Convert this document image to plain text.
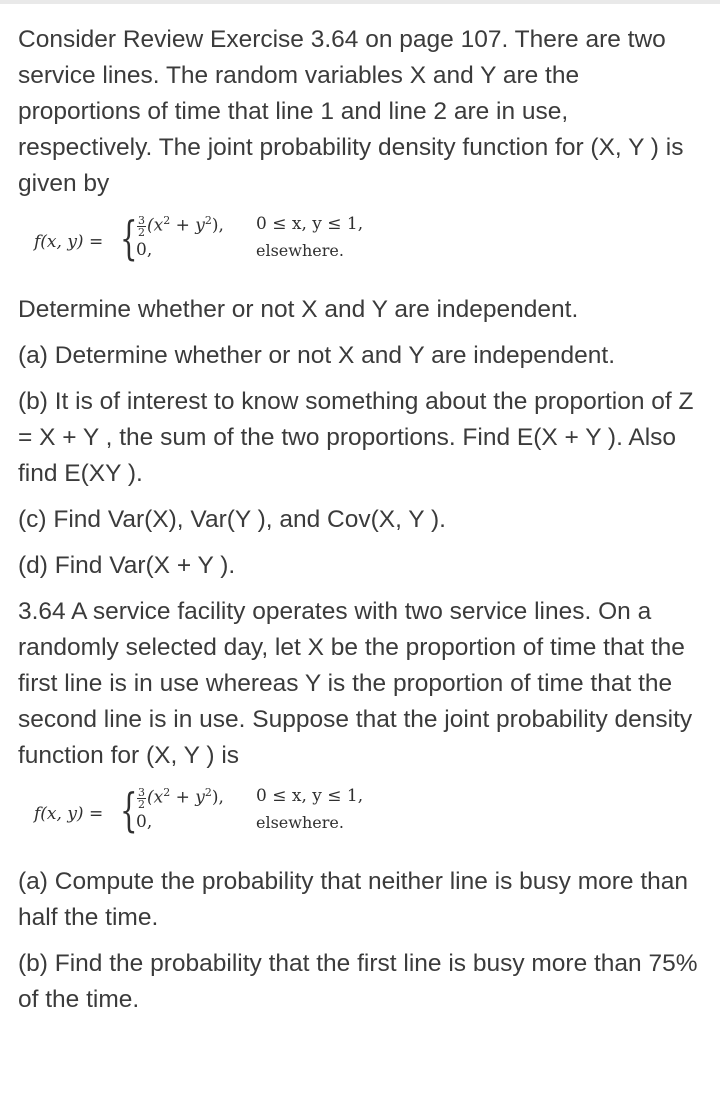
Consider Review Exercise 3.64 on page 107. There are two service lines. The random variables X and Y are the proportions of time that line 1 and line 2 are in use, respectively. The joint probability density function for (X, Y ) is given by

f(x, y) = { $\frac{3}{2} (x^2 + y^2)$,
0,
0 ≤ x, y ≤ 1,
elsewhere.

Determine whether or not X and Y are independent.

(a) Determine whether or not X and Y are independent.

(b) It is of interest to know something about the proportion of Z = X + Y , the sum of the two proportions. Find E(X + Y ). Also find E(XY ).

(c) Find Var(X), Var(Y ), and Cov(X, Y ).

(d) Find Var(X + Y ).

3.64 A service facility operates with two service lines. On a randomly selected day, let X be the proportion of time that the first line is in use whereas Y is the proportion of time that the second line is in use. Suppose that the joint probability density function for (X, Y ) is

f(x, y) = { $\frac{3}{2} (x^2 + y^2)$,
0,
0 ≤ x, y ≤ 1,
elsewhere.

(a) Compute the probability that neither line is busy more than half the time.

(b) Find the probability that the first line is busy more than 75% of the time.
